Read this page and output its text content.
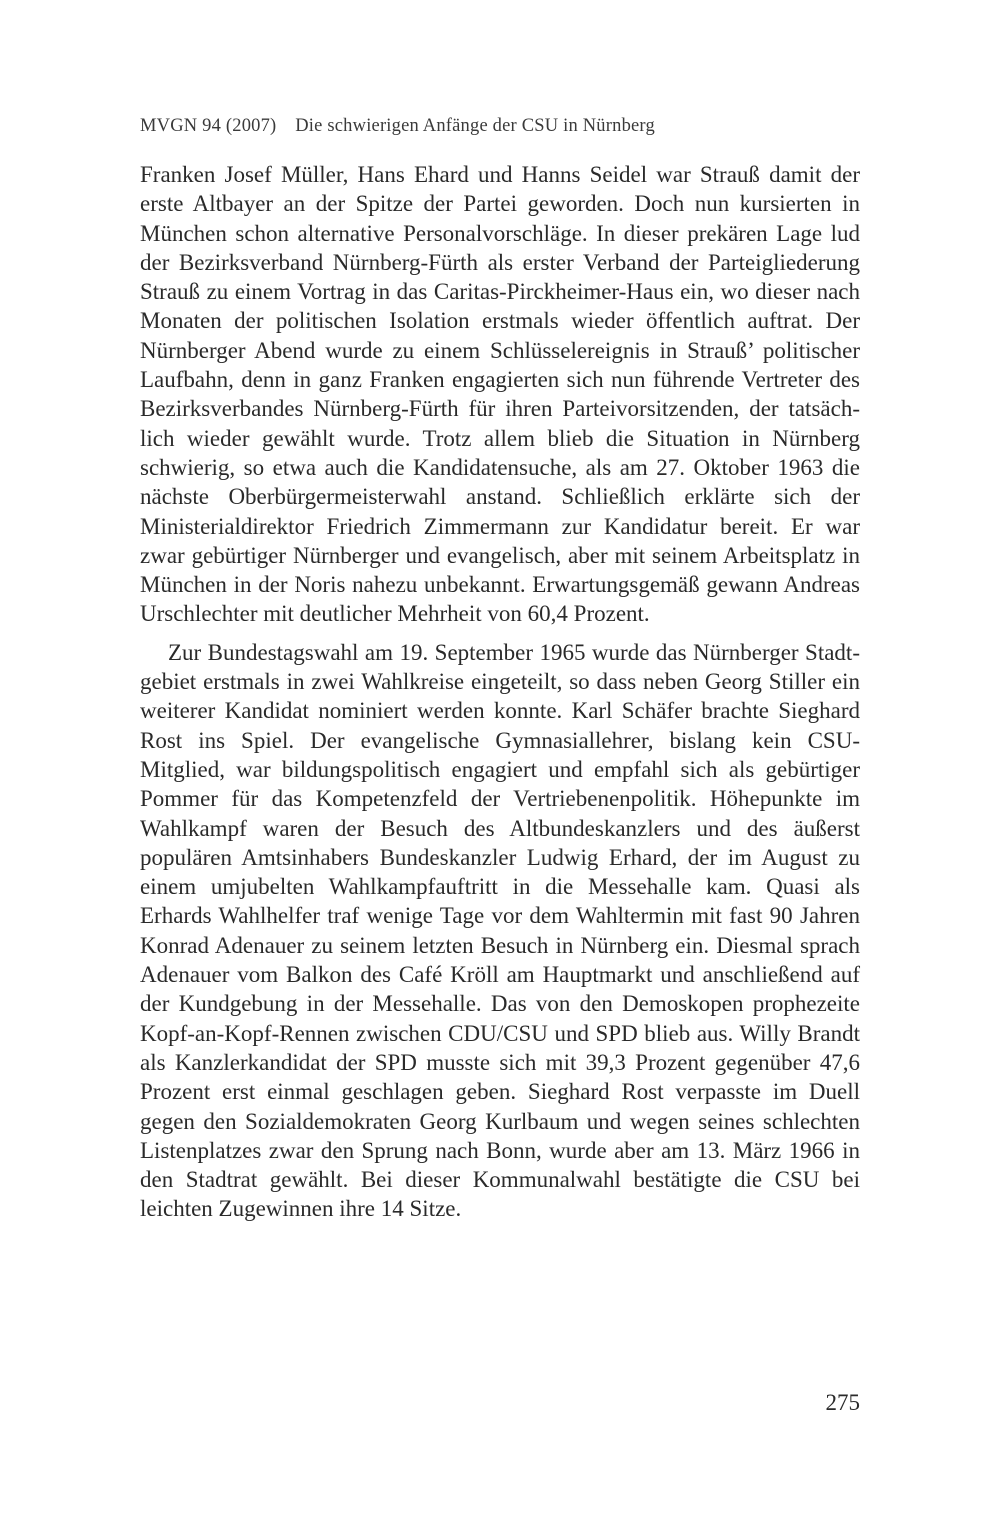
MVGN 94 (2007) Die schwierigen Anfänge der CSU in Nürnberg

Franken Josef Müller, Hans Ehard und Hanns Seidel war Strauß damit der erste Altbayer an der Spitze der Partei geworden. Doch nun kursierten in München schon alternative Personalvorschläge. In dieser prekären Lage lud der Bezirksverband Nürnberg-Fürth als erster Verband der Parteigliederung Strauß zu einem Vortrag in das Caritas-Pirckheimer-Haus ein, wo dieser nach Monaten der politischen Isolation erstmals wieder öffentlich auftrat. Der Nürnberger Abend wurde zu einem Schlüsselereignis in Strauß’ politischer Laufbahn, denn in ganz Franken engagierten sich nun führende Vertreter des Bezirksverbandes Nürnberg-Fürth für ihren Parteivorsitzenden, der tatsächlich wieder gewählt wurde. Trotz allem blieb die Situation in Nürnberg schwierig, so etwa auch die Kandidatensuche, als am 27. Oktober 1963 die nächste Oberbürgermeisterwahl anstand. Schließlich erklärte sich der Ministerialdirektor Friedrich Zimmermann zur Kandidatur bereit. Er war zwar gebürtiger Nürnberger und evangelisch, aber mit seinem Arbeitsplatz in München in der Noris nahezu unbekannt. Erwartungsgemäß gewann Andreas Urschlechter mit deutlicher Mehrheit von 60,4 Prozent.

Zur Bundestagswahl am 19. September 1965 wurde das Nürnberger Stadtgebiet erstmals in zwei Wahlkreise eingeteilt, so dass neben Georg Stiller ein weiterer Kandidat nominiert werden konnte. Karl Schäfer brachte Sieghard Rost ins Spiel. Der evangelische Gymnasiallehrer, bislang kein CSU-Mitglied, war bildungspolitisch engagiert und empfahl sich als gebürtiger Pommer für das Kompetenzfeld der Vertriebenenpolitik. Höhepunkte im Wahlkampf waren der Besuch des Altbundeskanzlers und des äußerst populären Amtsinhabers Bundeskanzler Ludwig Erhard, der im August zu einem umjubelten Wahlkampfauftritt in die Messehalle kam. Quasi als Erhards Wahlhelfer traf wenige Tage vor dem Wahltermin mit fast 90 Jahren Konrad Adenauer zu seinem letzten Besuch in Nürnberg ein. Diesmal sprach Adenauer vom Balkon des Café Kröll am Hauptmarkt und anschließend auf der Kundgebung in der Messehalle. Das von den Demoskopen prophezeite Kopf-an-Kopf-Rennen zwischen CDU/CSU und SPD blieb aus. Willy Brandt als Kanzlerkandidat der SPD musste sich mit 39,3 Prozent gegenüber 47,6 Prozent erst einmal geschlagen geben. Sieghard Rost verpasste im Duell gegen den Sozialdemokraten Georg Kurlbaum und wegen seines schlechten Listenplatzes zwar den Sprung nach Bonn, wurde aber am 13. März 1966 in den Stadtrat gewählt. Bei dieser Kommunalwahl bestätigte die CSU bei leichten Zugewinnen ihre 14 Sitze.

275
